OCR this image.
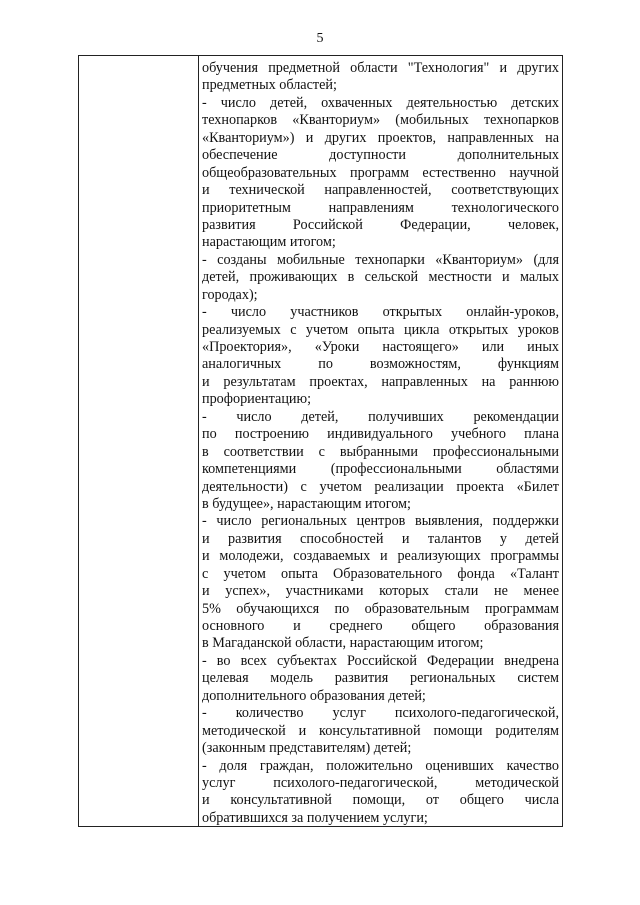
5
обучения предметной области "Технология" и других
предметных областей;
- число детей, охваченных деятельностью детских
технопарков «Кванториум» (мобильных технопарков
«Кванториум») и других проектов, направленных на
обеспечение доступности дополнительных
общеобразовательных программ естественно научной
и технической направленностей, соответствующих
приоритетным направлениям технологического
развития Российской Федерации, человек,
нарастающим итогом;
- созданы мобильные технопарки «Кванториум» (для
детей, проживающих в сельской местности и малых
городах);
- число участников открытых онлайн-уроков,
реализуемых с учетом опыта цикла открытых уроков
«Проектория», «Уроки настоящего» или иных
аналогичных по возможностям, функциям
и результатам проектах, направленных на раннюю
профориентацию;
- число детей, получивших рекомендации
по построению индивидуального учебного плана
в соответствии с выбранными профессиональными
компетенциями (профессиональными областями
деятельности) с учетом реализации проекта «Билет
в будущее», нарастающим итогом;
- число региональных центров выявления, поддержки
и развития способностей и талантов у детей
и молодежи, создаваемых и реализующих программы
с учетом опыта Образовательного фонда «Талант
и успех», участниками которых стали не менее
5% обучающихся по образовательным программам
основного и среднего общего образования
в Магаданской области, нарастающим итогом;
- во всех субъектах Российской Федерации внедрена
целевая модель развития региональных систем
дополнительного образования детей;
- количество услуг психолого-педагогической,
методической и консультативной помощи родителям
(законным представителям) детей;
- доля граждан, положительно оценивших качество
услуг психолого-педагогической, методической
и консультативной помощи, от общего числа
обратившихся за получением услуги;
